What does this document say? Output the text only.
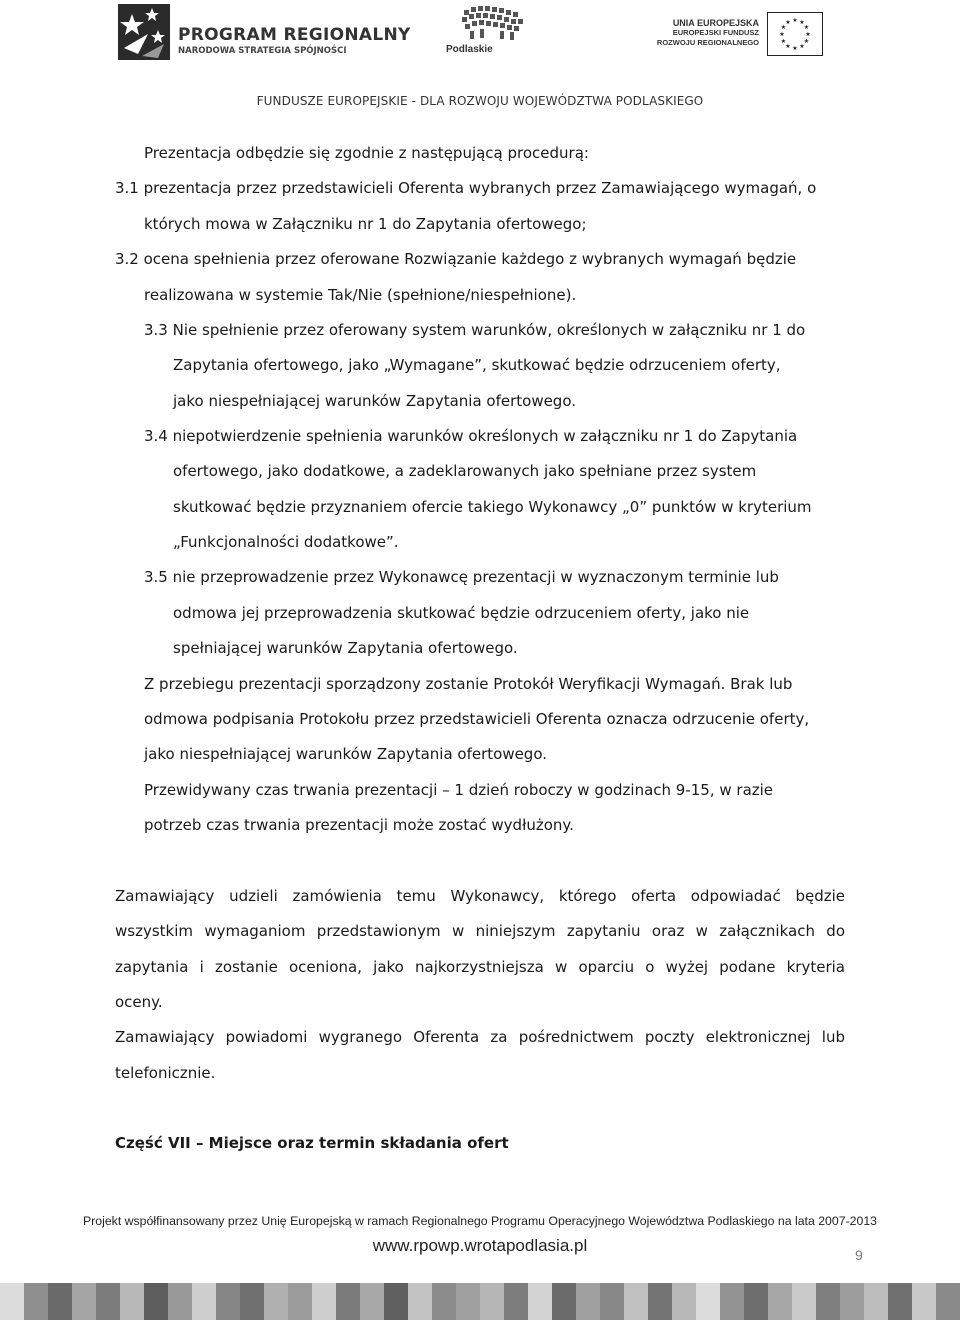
PROGRAM REGIONALNY
NARODOWA STRATEGIA SPÓJNOŚCI	Podlaskie
UNIA EUROPEJSKA
EUROPEJSKI FUNDUSZ
ROZWOJU REGIONALNEGO
★ ★
★
★
★
★
★
★
★
★
★
★
FUNDUSZE EUROPEJSKIE - DLA ROZWOJU WOJEWÓDZTWA PODLASKIEGO
Prezentacja odbędzie się zgodnie z następującą procedurą:
3.1 prezentacja przez przedstawicieli Oferenta wybranych przez Zamawiającego wymagań, o
których mowa w Załączniku nr 1 do Zapytania ofertowego;
3.2 ocena spełnienia przez oferowane Rozwiązanie każdego z wybranych wymagań będzie
realizowana w systemie Tak/Nie (spełnione/niespełnione).
3.3 Nie spełnienie przez oferowany system warunków, określonych w załączniku nr 1 do
Zapytania ofertowego, jako „Wymagane”, skutkować będzie odrzuceniem oferty,
jako niespełniającej warunków Zapytania ofertowego.
3.4 niepotwierdzenie spełnienia warunków określonych w załączniku nr 1 do Zapytania
ofertowego, jako dodatkowe, a zadeklarowanych jako spełniane przez system
skutkować będzie przyznaniem ofercie takiego Wykonawcy „0” punktów w kryterium
„Funkcjonalności dodatkowe”.
3.5 nie przeprowadzenie przez Wykonawcę prezentacji w wyznaczonym terminie lub
odmowa jej przeprowadzenia skutkować będzie odrzuceniem oferty, jako nie
spełniającej warunków Zapytania ofertowego.
Z przebiegu prezentacji sporządzony zostanie Protokół Weryfikacji Wymagań. Brak lub
odmowa podpisania Protokołu przez przedstawicieli Oferenta oznacza odrzucenie oferty,
jako niespełniającej warunków Zapytania ofertowego.
Przewidywany czas trwania prezentacji – 1 dzień roboczy w godzinach 9-15, w razie
potrzeb czas trwania prezentacji może zostać wydłużony.
Zamawiający udzieli zamówienia temu Wykonawcy, którego oferta odpowiadać będzie
wszystkim wymaganiom przedstawionym w niniejszym zapytaniu oraz w załącznikach do
zapytania i zostanie oceniona, jako najkorzystniejsza w oparciu o wyżej podane kryteria
oceny.
Zamawiający powiadomi wygranego Oferenta za pośrednictwem poczty elektronicznej lub
telefonicznie.
Część VII – Miejsce oraz termin składania ofert
Projekt współfinansowany przez Unię Europejską w ramach Regionalnego Programu Operacyjnego Województwa Podlaskiego na lata 2007-2013
www.rpowp.wrotapodlasia.pl	9
